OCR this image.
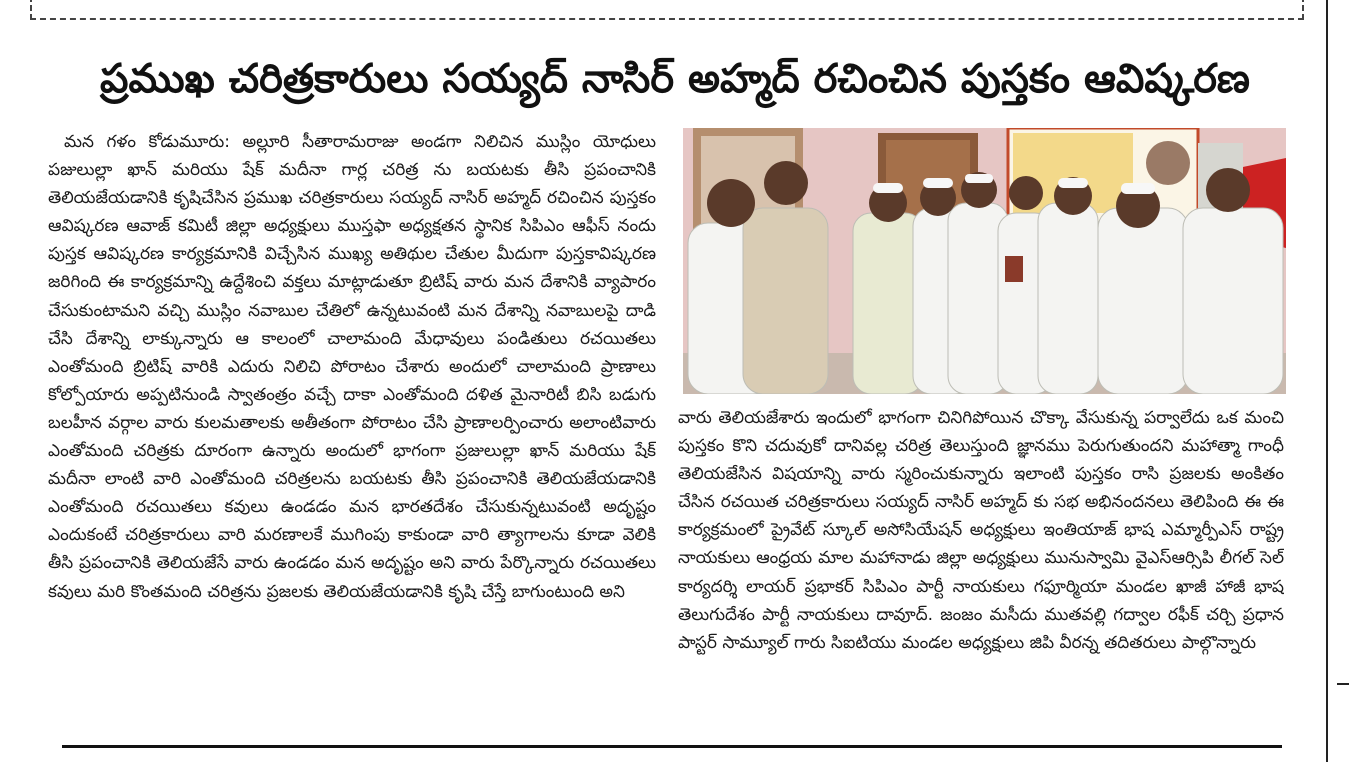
ప్రముఖ చరిత్రకారులు సయ్యద్ నాసిర్ అహ్మద్ రచించిన పుస్తకం ఆవిష్కరణ
మన గళం కోడుమూరు: అల్లూరి సీతారామరాజు అండగా నిలిచిన ముస్లిం యోధులు పజులుల్లా ఖాన్ మరియు షేక్ మదీనా గార్ల చరిత్ర ను బయటకు తీసి ప్రపంచానికి తెలియజేయడానికి కృషిచేసిన ప్రముఖ చరిత్రకారులు సయ్యద్ నాసిర్ అహ్మద్ రచించిన పుస్తకం ఆవిష్కరణ ఆవాజ్ కమిటీ జిల్లా అధ్యక్షులు ముస్తఫా అధ్యక్షతన స్థానిక సిపిఎం ఆఫీస్ నందు పుస్తక ఆవిష్కరణ కార్యక్రమానికి విచ్చేసిన ముఖ్య అతిథుల చేతుల మీదుగా పుస్తకావిష్కరణ జరిగింది ఈ కార్యక్రమాన్ని ఉద్దేశించి వక్తలు మాట్లాడుతూ బ్రిటిష్ వారు మన దేశానికి వ్యాపారం చేసుకుంటామని వచ్చి ముస్లిం నవాబుల చేతిలో ఉన్నటువంటి మన దేశాన్ని నవాబులపై దాడి చేసి దేశాన్ని లాక్కున్నారు ఆ కాలంలో చాలామంది మేధావులు పండితులు రచయితలు ఎంతోమంది బ్రిటిష్ వారికి ఎదురు నిలిచి పోరాటం చేశారు అందులో చాలామంది ప్రాణాలు కోల్పోయారు అప్పటినుండి స్వాతంత్రం వచ్చే దాకా ఎంతోమంది దళిత మైనారిటీ బిసి బడుగు బలహీన వర్గాల వారు కులమతాలకు అతీతంగా పోరాటం చేసి ప్రాణాలర్పించారు అలాంటివారు ఎంతోమంది చరిత్రకు దూరంగా ఉన్నారు అందులో భాగంగా ప్రజులుల్లా ఖాన్ మరియు షేక్ మదీనా లాంటి వారి ఎంతోమంది చరిత్రలను బయటకు తీసి ప్రపంచానికి తెలియజేయడానికి ఎంతోమంది రచయితలు కవులు ఉండడం మన భారతదేశం చేసుకున్నటువంటి అదృష్టం ఎందుకంటే చరిత్రకారులు వారి మరణాలకే ముగింపు కాకుండా వారి త్యాగాలను కూడా వెలికి తీసి ప్రపంచానికి తెలియజేసే వారు ఉండడం మన అదృష్టం అని వారు పేర్కొన్నారు రచయితలు కవులు మరి కొంతమంది చరిత్రను ప్రజలకు తెలియజేయడానికి కృషి చేస్తే బాగుంటుంది అని
వారు తెలియజేశారు ఇందులో భాగంగా చినిగిపోయిన చొక్కా వేసుకున్న పర్వాలేదు ఒక మంచి పుస్తకం కొని చదువుకో దానివల్ల చరిత్ర తెలుస్తుంది జ్ఞానము పెరుగుతుందని మహాత్మా గాంధీ తెలియజేసిన విషయాన్ని వారు స్మరించుకున్నారు ఇలాంటి పుస్తకం రాసి ప్రజలకు అంకితం చేసిన రచయిత చరిత్రకారులు సయ్యద్ నాసిర్ అహ్మద్ కు సభ అభినందనలు తెలిపింది ఈ ఈ కార్యక్రమంలో ప్రైవేట్ స్కూల్ అసోసియేషన్ అధ్యక్షులు ఇంతియాజ్ భాష ఎమ్మార్పీఎస్ రాష్ట్ర నాయకులు ఆంధ్రయ మాల మహానాడు జిల్లా అధ్యక్షులు మునుస్వామి వైఎస్ఆర్సిపి లీగల్ సెల్ కార్యదర్శి లాయర్ ప్రభాకర్ సిపిఎం పార్టీ నాయకులు గఫూర్మియా మండల ఖాజీ హాజీ భాష తెలుగుదేశం పార్టీ నాయకులు దావూద్. జంజం మసీదు ముతవల్లి గద్వాల రఫీక్ చర్చి ప్రధాన పాస్టర్ సామ్యూల్ గారు సిఐటియు మండల అధ్యక్షులు జిపి వీరన్న తదితరులు పాల్గొన్నారు
